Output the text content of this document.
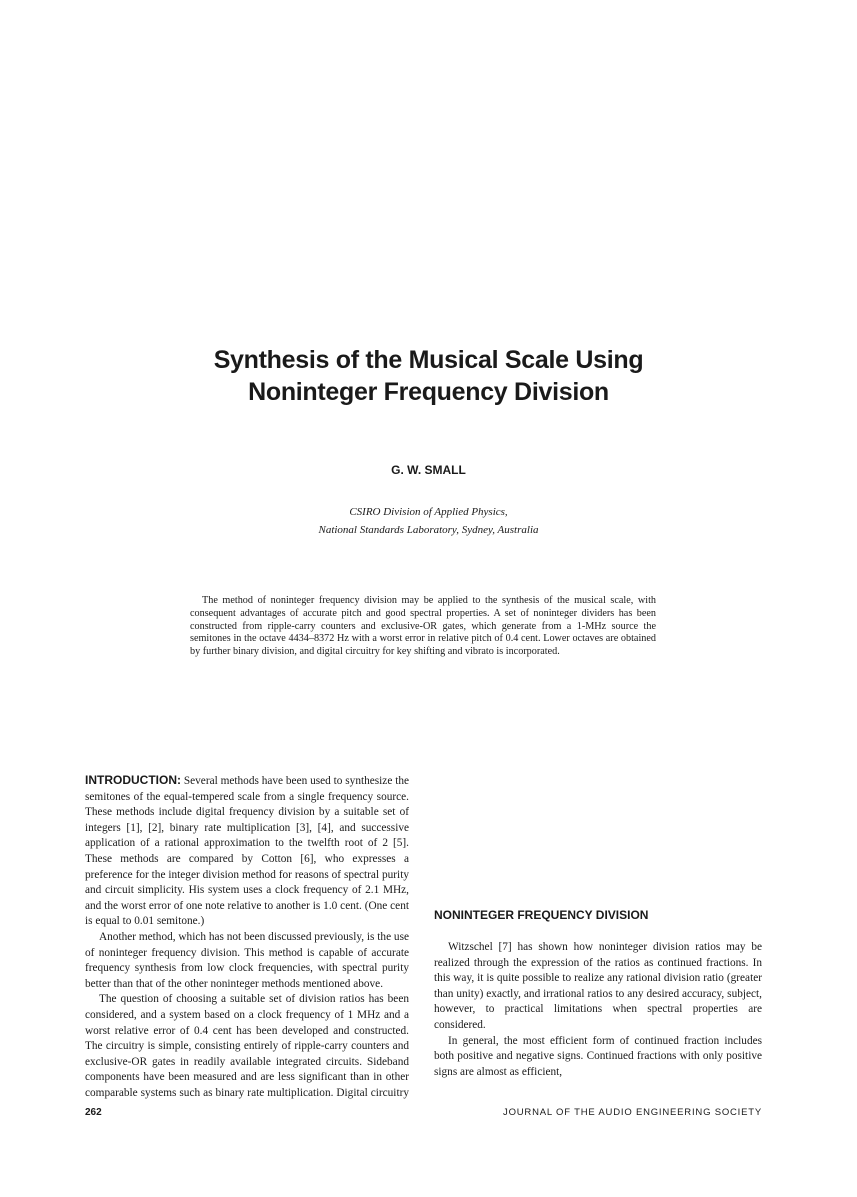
Synthesis of the Musical Scale Using
Noninteger Frequency Division
G. W. SMALL
CSIRO Division of Applied Physics,
National Standards Laboratory, Sydney, Australia

The method of noninteger frequency division may be applied to the synthesis of the musical scale, with consequent advantages of accurate pitch and good spectral properties. A set of noninteger dividers has been constructed from ripple-carry counters and exclusive-OR gates, which generate from a 1-MHz source the semitones in the octave 4434–8372 Hz with a worst error in relative pitch of 0.4 cent. Lower octaves are obtained by further binary division, and digital circuitry for key shifting and vibrato is incorporated.

INTRODUCTION: Several methods have been used to synthesize the semitones of the equal-tempered scale from a single frequency source. These methods include digital frequency division by a suitable set of integers [1], [2], binary rate multiplication [3], [4], and successive application of a rational approximation to the twelfth root of 2 [5]. These methods are compared by Cotton [6], who expresses a preference for the integer division method for reasons of spectral purity and circuit simplicity. His system uses a clock frequency of 2.1 MHz, and the worst error of one note relative to another is 1.0 cent. (One cent is equal to 0.01 semitone.)

Another method, which has not been discussed previously, is the use of noninteger frequency division. This method is capable of accurate frequency synthesis from low clock frequencies, with spectral purity better than that of the other noninteger methods mentioned above.

The question of choosing a suitable set of division ratios has been considered, and a system based on a clock frequency of 1 MHz and a worst relative error of 0.4 cent has been developed and constructed. The circuitry is simple, consisting entirely of ripple-carry counters and exclusive-OR gates in readily available integrated circuits. Sideband components have been measured and are less significant than in other comparable systems such as binary rate multiplication. Digital circuitry

NONINTEGER FREQUENCY DIVISION

Witzschel [7] has shown how noninteger division ratios may be realized through the expression of the ratios as continued fractions. In this way, it is quite possible to realize any rational division ratio (greater than unity) exactly, and irrational ratios to any desired accuracy, subject, however, to practical limitations when spectral properties are considered.

In general, the most efficient form of continued fraction includes both positive and negative signs. Continued fractions with only positive signs are almost as efficient,

262	JOURNAL OF THE AUDIO ENGINEERING SOCIETY
